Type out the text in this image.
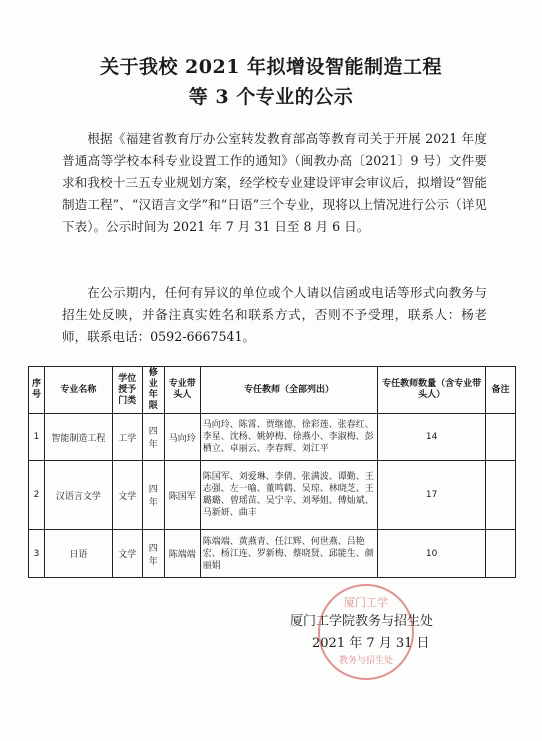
关于我校 2021 年拟增设智能制造工程
等 3 个专业的公示
根据《福建省教育厅办公室转发教育部高等教育司关于开展 2021 年度普通高等学校本科专业设置工作的通知》（闽教办高〔2021〕9 号）文件要求和我校十三五专业规划方案，经学校专业建设评审会审议后，拟增设“智能制造工程”、“汉语言文学”和“日语”三个专业，现将以上情况进行公示（详见下表）。公示时间为 2021 年 7 月 31 日至 8 月 6 日。
在公示期内，任何有异议的单位或个人请以信函或电话等形式向教务与招生处反映，并备注真实姓名和联系方式，否则不予受理，联系人：杨老师，联系电话：0592-6667541。
序号	专业名称	学位授予门类	修业年限	专业带头人	专任教师（全部列出）	专任教师数量（含专业带头人）	备注
1	智能制造工程	工学	四年	马向玲	马向玲、陈霄、贾继德、徐彩莲、张春红、李星、沈杨、姚婷梅、徐燕小、李淑梅、彭栖立、卓丽云、李春辉、刘江平	14	
2	汉语言文学	文学	四年	陈国军	陈国军、刘爱琳、李倩、张满波、谭勤、王志强、左一喻、董鸣鹤、吴琼、林晓芝、王璐璐、曾瑶苗、吴宁辛、刘琴姐、傅灿斌、马新妍、曲丰	17	
3	日语	文学	四年	陈端端	陈端端、黄燕青、任江辉、何世燕、吕艳宏、杨江连、罗新梅、蔡晓贤、邱能生、颜丽娟	10	
厦门工学
教务与招生处
厦门工学院教务与招生处
2021 年 7 月 31 日
